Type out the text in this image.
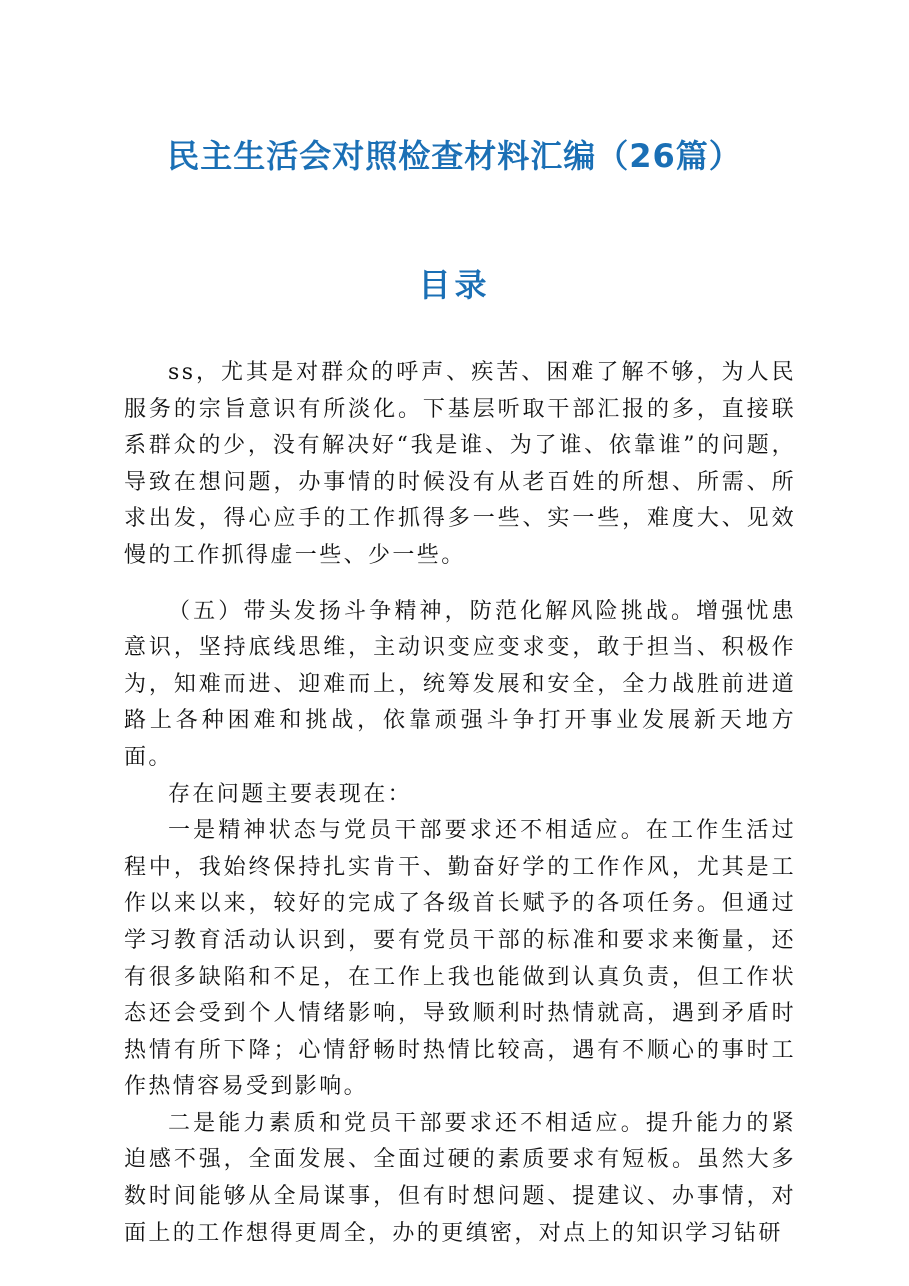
民主生活会对照检查材料汇编（26篇）
目录

ss，尤其是对群众的呼声、疾苦、困难了解不够，为人民服务的宗旨意识有所淡化。下基层听取干部汇报的多，直接联系群众的少，没有解决好“我是谁、为了谁、依靠谁”的问题，导致在想问题，办事情的时候没有从老百姓的所想、所需、所求出发，得心应手的工作抓得多一些、实一些，难度大、见效慢的工作抓得虚一些、少一些。

（五）带头发扬斗争精神，防范化解风险挑战。增强忧患意识，坚持底线思维，主动识变应变求变，敢于担当、积极作为，知难而进、迎难而上，统筹发展和安全，全力战胜前进道路上各种困难和挑战，依靠顽强斗争打开事业发展新天地方面。

存在问题主要表现在：

一是精神状态与党员干部要求还不相适应。在工作生活过程中，我始终保持扎实肯干、勤奋好学的工作作风，尤其是工作以来以来，较好的完成了各级首长赋予的各项任务。但通过学习教育活动认识到，要有党员干部的标准和要求来衡量，还有很多缺陷和不足，在工作上我也能做到认真负责，但工作状态还会受到个人情绪影响，导致顺利时热情就高，遇到矛盾时热情有所下降；心情舒畅时热情比较高，遇有不顺心的事时工作热情容易受到影响。

二是能力素质和党员干部要求还不相适应。提升能力的紧迫感不强，全面发展、全面过硬的素质要求有短板。虽然大多数时间能够从全局谋事，但有时想问题、提建议、办事情，对面上的工作想得更周全，办的更缜密，对点上的知识学习钻研
